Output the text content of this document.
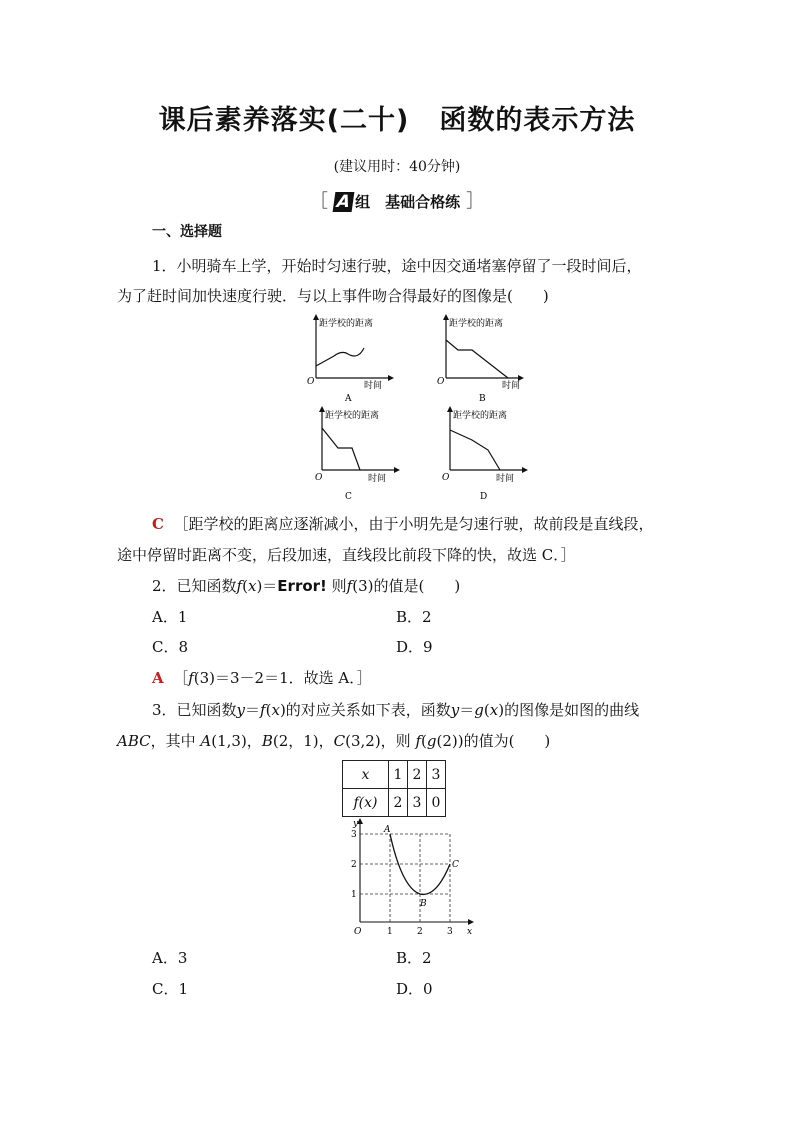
课后素养落实(二十) 函数的表示方法
(建议用时：40分钟)
［ A 组　基础合格练 ］
一、选择题
1．小明骑车上学，开始时匀速行驶，途中因交通堵塞停留了一段时间后，
为了赶时间加快速度行驶．与以上事件吻合得最好的图像是(　　)
距学校的距离
时间
O
A
距学校的距离
时间
O
B
距学校的距离
时间
O
C
距学校的距离
时间
O
D
C ［距学校的距离应逐渐减小，由于小明先是匀速行驶，故前段是直线段，
途中停留时距离不变，后段加速，直线段比前段下降的快，故选 C．］
2．已知函数f(x)＝Error! 则f(3)的值是(　　)
A．1	B．2
C．8	D．9
A ［f(3)＝3－2＝1．故选 A．］
3．已知函数y＝f(x)的对应关系如下表，函数y＝g(x)的图像是如图的曲线
ABC，其中 A(1,3)，B(2，1)，C(3,2)，则 f(g(2))的值为(　　)
x	1	2	3
f(x)	2	3	0
y
x
O
3
2
1
1	2	3
A
B
C
A．3	B．2
C．1	D．0
